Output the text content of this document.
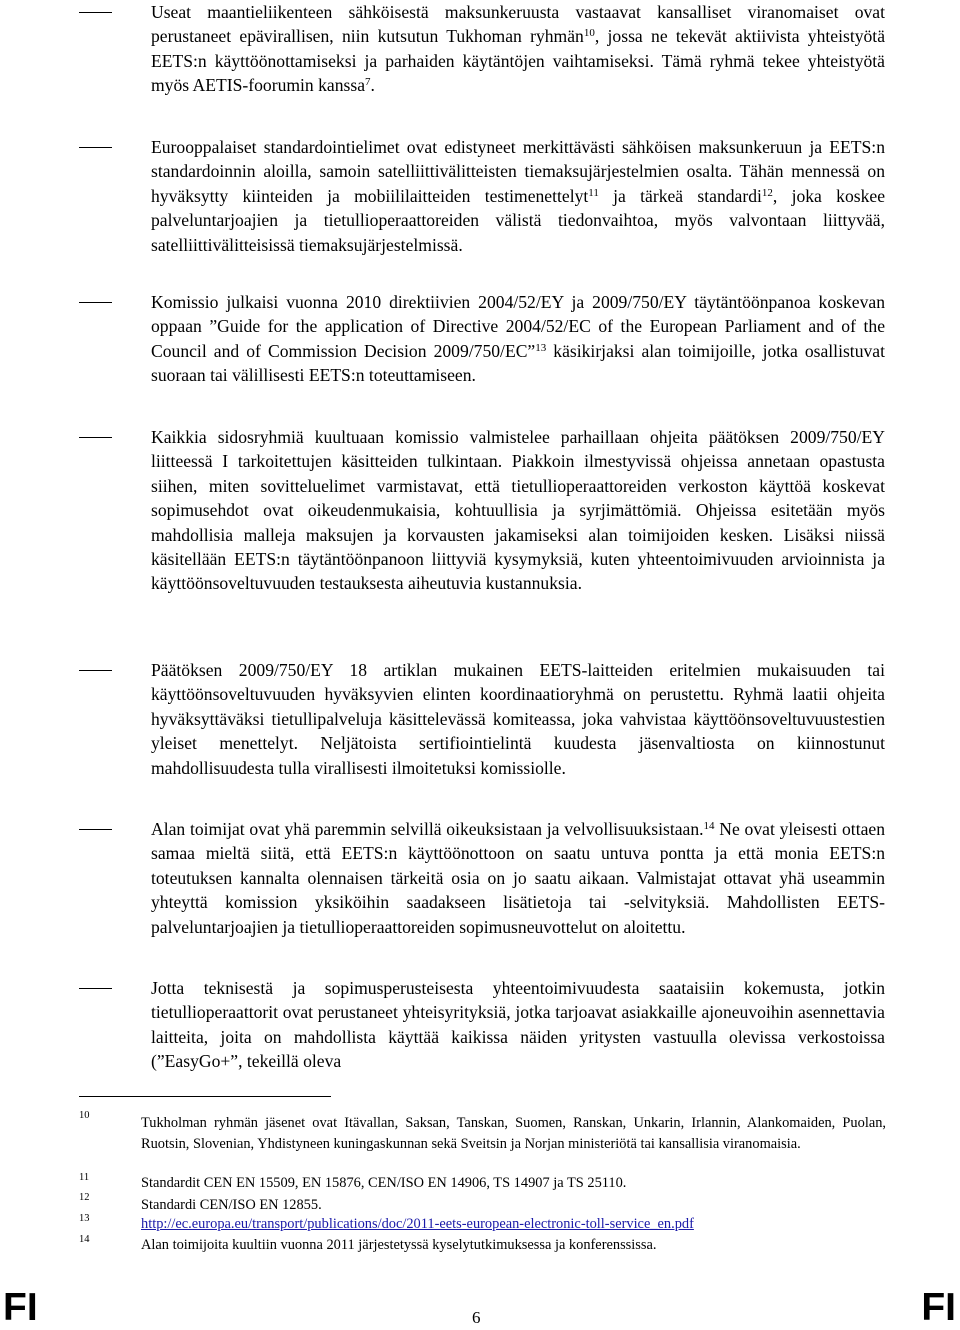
Useat maantieliikenteen sähköisestä maksunkeruusta vastaavat kansalliset viranomaiset ovat perustaneet epävirallisen, niin kutsutun Tukhoman ryhmän$^{10}$, jossa ne tekevät aktiivista yhteistyötä EETS:n käyttöönottamiseksi ja parhaiden käytäntöjen vaihtamiseksi. Tämä ryhmä tekee yhteistyötä myös AETIS-foorumin kanssa$^7$.
Eurooppalaiset standardointielimet ovat edistyneet merkittävästi sähköisen maksunkeruun ja EETS:n standardoinnin aloilla, samoin satelliittivälitteisten tiemaksujärjestelmien osalta. Tähän mennessä on hyväksytty kiinteiden ja mobiililaitteiden testimenettelyt$^{11}$ ja tärkeä standardi$^{12}$, joka koskee palveluntarjoajien ja tietullioperaattoreiden välistä tiedonvaihtoa, myös valvontaan liittyvää, satelliittivälitteisissä tiemaksujärjestelmissä.
Komissio julkaisi vuonna 2010 direktiivien 2004/52/EY ja 2009/750/EY täytäntöönpanoa koskevan oppaan ”Guide for the application of Directive 2004/52/EC of the European Parliament and of the Council and of Commission Decision 2009/750/EC”$^{13}$ käsikirjaksi alan toimijoille, jotka osallistuvat suoraan tai välillisesti EETS:n toteuttamiseen.
Kaikkia sidosryhmiä kuultuaan komissio valmistelee parhaillaan ohjeita päätöksen 2009/750/EY liitteessä I tarkoitettujen käsitteiden tulkintaan. Piakkoin ilmestyvissä ohjeissa annetaan opastusta siihen, miten sovitteluelimet varmistavat, että tietullioperaattoreiden verkoston käyttöä koskevat sopimusehdot ovat oikeudenmukaisia, kohtuullisia ja syrjimättömiä. Ohjeissa esitetään myös mahdollisia malleja maksujen ja korvausten jakamiseksi alan toimijoiden kesken. Lisäksi niissä käsitellään EETS:n täytäntöönpanoon liittyviä kysymyksiä, kuten yhteentoimivuuden arvioinnista ja käyttöönsoveltuvuuden testauksesta aiheutuvia kustannuksia.
Päätöksen 2009/750/EY 18 artiklan mukainen EETS-laitteiden eritelmien mukaisuuden tai käyttöönsoveltuvuuden hyväksyvien elinten koordinaatioryhmä on perustettu. Ryhmä laatii ohjeita hyväksyttäväksi tietullipalveluja käsittelevässä komiteassa, joka vahvistaa käyttöönsoveltuvuustestien yleiset menettelyt. Neljätoista sertifiointielintä kuudesta jäsenvaltiosta on kiinnostunut mahdollisuudesta tulla virallisesti ilmoitetuksi komissiolle.
Alan toimijat ovat yhä paremmin selvillä oikeuksistaan ja velvollisuuksistaan.$^{14}$ Ne ovat yleisesti ottaen samaa mieltä siitä, että EETS:n käyttöönottoon on saatu untuva pontta ja että monia EETS:n toteutuksen kannalta olennaisen tärkeitä osia on jo saatu aikaan. Valmistajat ottavat yhä useammin yhteyttä komission yksiköihin saadakseen lisätietoja tai -selvityksiä. Mahdollisten EETS-palveluntarjoajien ja tietullioperaattoreiden sopimusneuvottelut on aloitettu.
Jotta teknisestä ja sopimusperusteisesta yhteentoimivuudesta saataisiin kokemusta, jotkin tietullioperaattorit ovat perustaneet yhteisyrityksiä, jotka tarjoavat asiakkaille ajoneuvoihin asennettavia laitteita, joita on mahdollista käyttää kaikissa näiden yritysten vastuulla olevissa verkostoissa (”EasyGo+”, tekeillä oleva
10	Tukholman ryhmän jäsenet ovat Itävallan, Saksan, Tanskan, Suomen, Ranskan, Unkarin, Irlannin, Alankomaiden, Puolan, Ruotsin, Slovenian, Yhdistyneen kuningaskunnan sekä Sveitsin ja Norjan ministeriötä tai kansallisia viranomaisia.
11	Standardit CEN EN 15509, EN 15876, CEN/ISO EN 14906, TS 14907 ja TS 25110.
12	Standardi CEN/ISO EN 12855.
13	http://ec.europa.eu/transport/publications/doc/2011-eets-european-electronic-toll-service_en.pdf
14	Alan toimijoita kuultiin vuonna 2011 järjestetyssä kyselytutkimuksessa ja konferenssissa.
FI	6	FI
